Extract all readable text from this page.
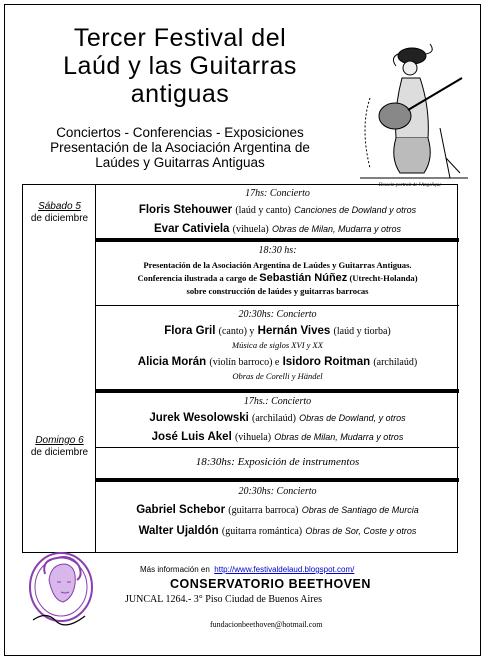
Tercer Festival del
Laúd y las Guitarras
antiguas
Dessein portrait de l'Angelique
Conciertos - Conferencias - Exposiciones
Presentación de la Asociación Argentina de
Laúdes y Guitarras Antiguas
Sábado 5
de diciembre
Domingo 6
de diciembre
17hs: Concierto
Floris Stehouwer (laúd y canto) Canciones de Dowland y otros
Evar Cativiela (vihuela) Obras de Milan, Mudarra y otros
18:30 hs:
Presentación de la Asociación Argentina de Laúdes y Guitarras Antiguas.
Conferencia ilustrada a cargo de Sebastián Núñez (Utrecht-Holanda)
sobre construcción de laúdes y guitarras barrocas
20:30hs: Concierto
Flora Gril (canto) y Hernán Vives (laúd y tiorba)
Música de siglos XVI y XX
Alicia Morán (violín barroco) e Isidoro Roitman (archilaúd)
Obras de Corelli y Händel
17hs.: Concierto
Jurek Wesolowski (archilaúd) Obras de Dowland, y otros
José Luis Akel (vihuela) Obras de Milan, Mudarra y otros
18:30hs: Exposición de instrumentos
20:30hs: Concierto
Gabriel Schebor (guitarra barroca) Obras de Santiago de Murcia
Walter Ujaldón (guitarra romántica) Obras de Sor, Coste y otros
Más información en http://www.festivaldelaud.blogspot.com/
CONSERVATORIO BEETHOVEN
JUNCAL 1264.- 3° Piso Ciudad de Buenos Aires
fundacionbeethoven@hotmail.com
